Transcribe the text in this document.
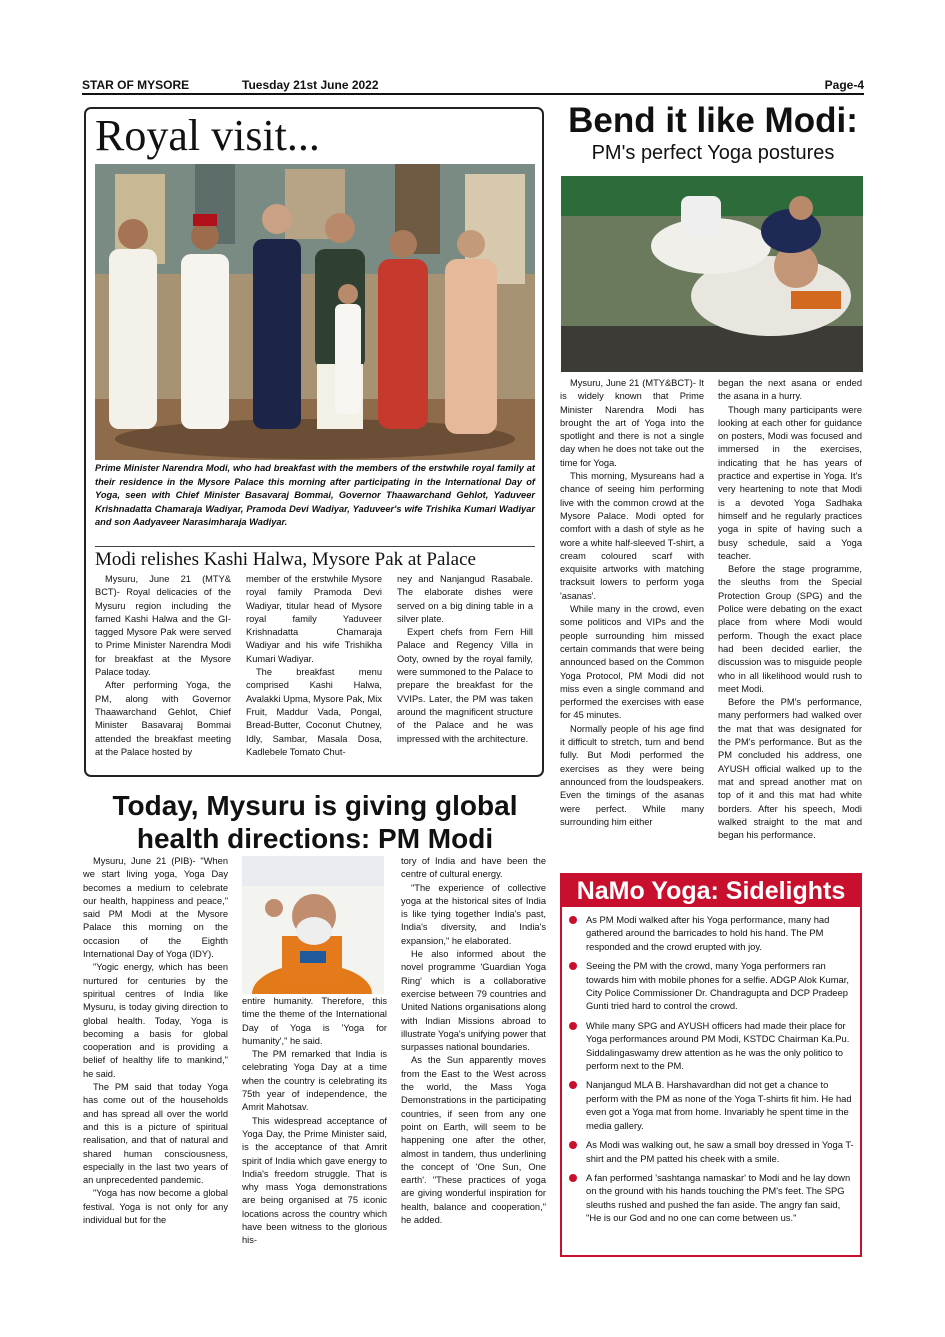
STAR OF MYSORE	Tuesday 21st June 2022	Page-4
Royal visit...
Prime Minister Narendra Modi, who had breakfast with the members of the erstwhile royal family at their residence in the Mysore Palace this morning after participating in the International Day of Yoga, seen with Chief Minister Basavaraj Bommai, Governor Thaawarchand Gehlot, Yaduveer Krishnadatta Chamaraja Wadiyar, Pramoda Devi Wadiyar, Yaduveer's wife Trishika Kumari Wadiyar and son Aadyaveer Narasimharaja Wadiyar.
Modi relishes Kashi Halwa, Mysore Pak at Palace

Mysuru, June 21 (MTY& BCT)- Royal delicacies of the Mysuru region including the famed Kashi Halwa and the GI-tagged Mysore Pak were served to Prime Minister Narendra Modi for breakfast at the Mysore Palace today.

After performing Yoga, the PM, along with Governor Thaawarchand Gehlot, Chief Minister Basavaraj Bommai attended the breakfast meeting at the Palace hosted by

member of the erstwhile Mysore royal family Pramoda Devi Wadiyar, titular head of Mysore royal family Yaduveer Krishnadatta Chamaraja Wadiyar and his wife Trishikha Kumari Wadiyar.

The breakfast menu comprised Kashi Halwa, Avalakki Upma, Mysore Pak, Mix Fruit, Maddur Vada, Pongal, Bread-Butter, Coconut Chutney, Idly, Sambar, Masala Dosa, Kadlebele Tomato Chut-

ney and Nanjangud Rasabale. The elaborate dishes were served on a big dining table in a silver plate.

Expert chefs from Fern Hill Palace and Regency Villa in Ooty, owned by the royal family, were summoned to the Palace to prepare the breakfast for the VVIPs. Later, the PM was taken around the magnificent structure of the Palace and he was impressed with the architecture.

Bend it like Modi:
PM's perfect Yoga postures

Mysuru, June 21 (MTY&BCT)- It is widely known that Prime Minister Narendra Modi has brought the art of Yoga into the spotlight and there is not a single day when he does not take out the time for Yoga.

This morning, Mysureans had a chance of seeing him performing live with the common crowd at the Mysore Palace. Modi opted for comfort with a dash of style as he wore a white half-sleeved T-shirt, a cream coloured scarf with exquisite artworks with matching tracksuit lowers to perform yoga 'asanas'.

While many in the crowd, even some politicos and VIPs and the people surrounding him missed certain commands that were being announced based on the Common Yoga Protocol, PM Modi did not miss even a single command and performed the exercises with ease for 45 minutes.

Normally people of his age find it difficult to stretch, turn and bend fully. But Modi performed the exercises as they were being announced from the loudspeakers. Even the timings of the asanas were perfect. While many surrounding him either

began the next asana or ended the asana in a hurry.

Though many participants were looking at each other for guidance on posters, Modi was focused and immersed in the exercises, indicating that he has years of practice and expertise in Yoga. It's very heartening to note that Modi is a devoted Yoga Sadhaka himself and he regularly practices yoga in spite of having such a busy schedule, said a Yoga teacher.

Before the stage programme, the sleuths from the Special Protection Group (SPG) and the Police were debating on the exact place from where Modi would perform. Though the exact place had been decided earlier, the discussion was to misguide people who in all likelihood would rush to meet Modi.

Before the PM's performance, many performers had walked over the mat that was designated for the PM's performance. But as the PM concluded his address, one AYUSH official walked up to the mat and spread another mat on top of it and this mat had white borders. After his speech, Modi walked straight to the mat and began his performance.

Today, Mysuru is giving global health directions: PM Modi

Mysuru, June 21 (PIB)- "When we start living yoga, Yoga Day becomes a medium to celebrate our health, happiness and peace," said PM Modi at the Mysore Palace this morning on the occasion of the Eighth International Day of Yoga (IDY).

"Yogic energy, which has been nurtured for centuries by the spiritual centres of India like Mysuru, is today giving direction to global health. Today, Yoga is becoming a basis for global cooperation and is providing a belief of healthy life to mankind," he said.

The PM said that today Yoga has come out of the households and has spread all over the world and this is a picture of spiritual realisation, and that of natural and shared human consciousness, especially in the last two years of an unprecedented pandemic.

"Yoga has now become a global festival. Yoga is not only for any individual but for the

entire humanity. Therefore, this time the theme of the International Day of Yoga is 'Yoga for humanity'," he said.

The PM remarked that India is celebrating Yoga Day at a time when the country is celebrating its 75th year of independence, the Amrit Mahotsav.

This widespread acceptance of Yoga Day, the Prime Minister said, is the acceptance of that Amrit spirit of India which gave energy to India's freedom struggle. That is why mass Yoga demonstrations are being organised at 75 iconic locations across the country which have been witness to the glorious his-

tory of India and have been the centre of cultural energy.

"The experience of collective yoga at the historical sites of India is like tying together India's past, India's diversity, and India's expansion," he elaborated.

He also informed about the novel programme 'Guardian Yoga Ring' which is a collaborative exercise between 79 countries and United Nations organisations along with Indian Missions abroad to illustrate Yoga's unifying power that surpasses national boundaries.

As the Sun apparently moves from the East to the West across the world, the Mass Yoga Demonstrations in the participating countries, if seen from any one point on Earth, will seem to be happening one after the other, almost in tandem, thus underlining the concept of 'One Sun, One earth'. "These practices of yoga are giving wonderful inspiration for health, balance and cooperation," he added.

NaMo Yoga: Sidelights
As PM Modi walked after his Yoga performance, many had gathered around the barricades to hold his hand. The PM responded and the crowd erupted with joy.
Seeing the PM with the crowd, many Yoga performers ran towards him with mobile phones for a selfie. ADGP Alok Kumar, City Police Commissioner Dr. Chandragupta and DCP Pradeep Gunti tried hard to control the crowd.
While many SPG and AYUSH officers had made their place for Yoga performances around PM Modi, KSTDC Chairman Ka.Pu. Siddalingaswamy drew attention as he was the only politico to perform next to the PM.
Nanjangud MLA B. Harshavardhan did not get a chance to perform with the PM as none of the Yoga T-shirts fit him. He had even got a Yoga mat from home. Invariably he spent time in the media gallery.
As Modi was walking out, he saw a small boy dressed in Yoga T-shirt and the PM patted his cheek with a smile.
A fan performed 'sashtanga namaskar' to Modi and he lay down on the ground with his hands touching the PM's feet. The SPG sleuths rushed and pushed the fan aside. The angry fan said, "He is our God and no one can come between us."
